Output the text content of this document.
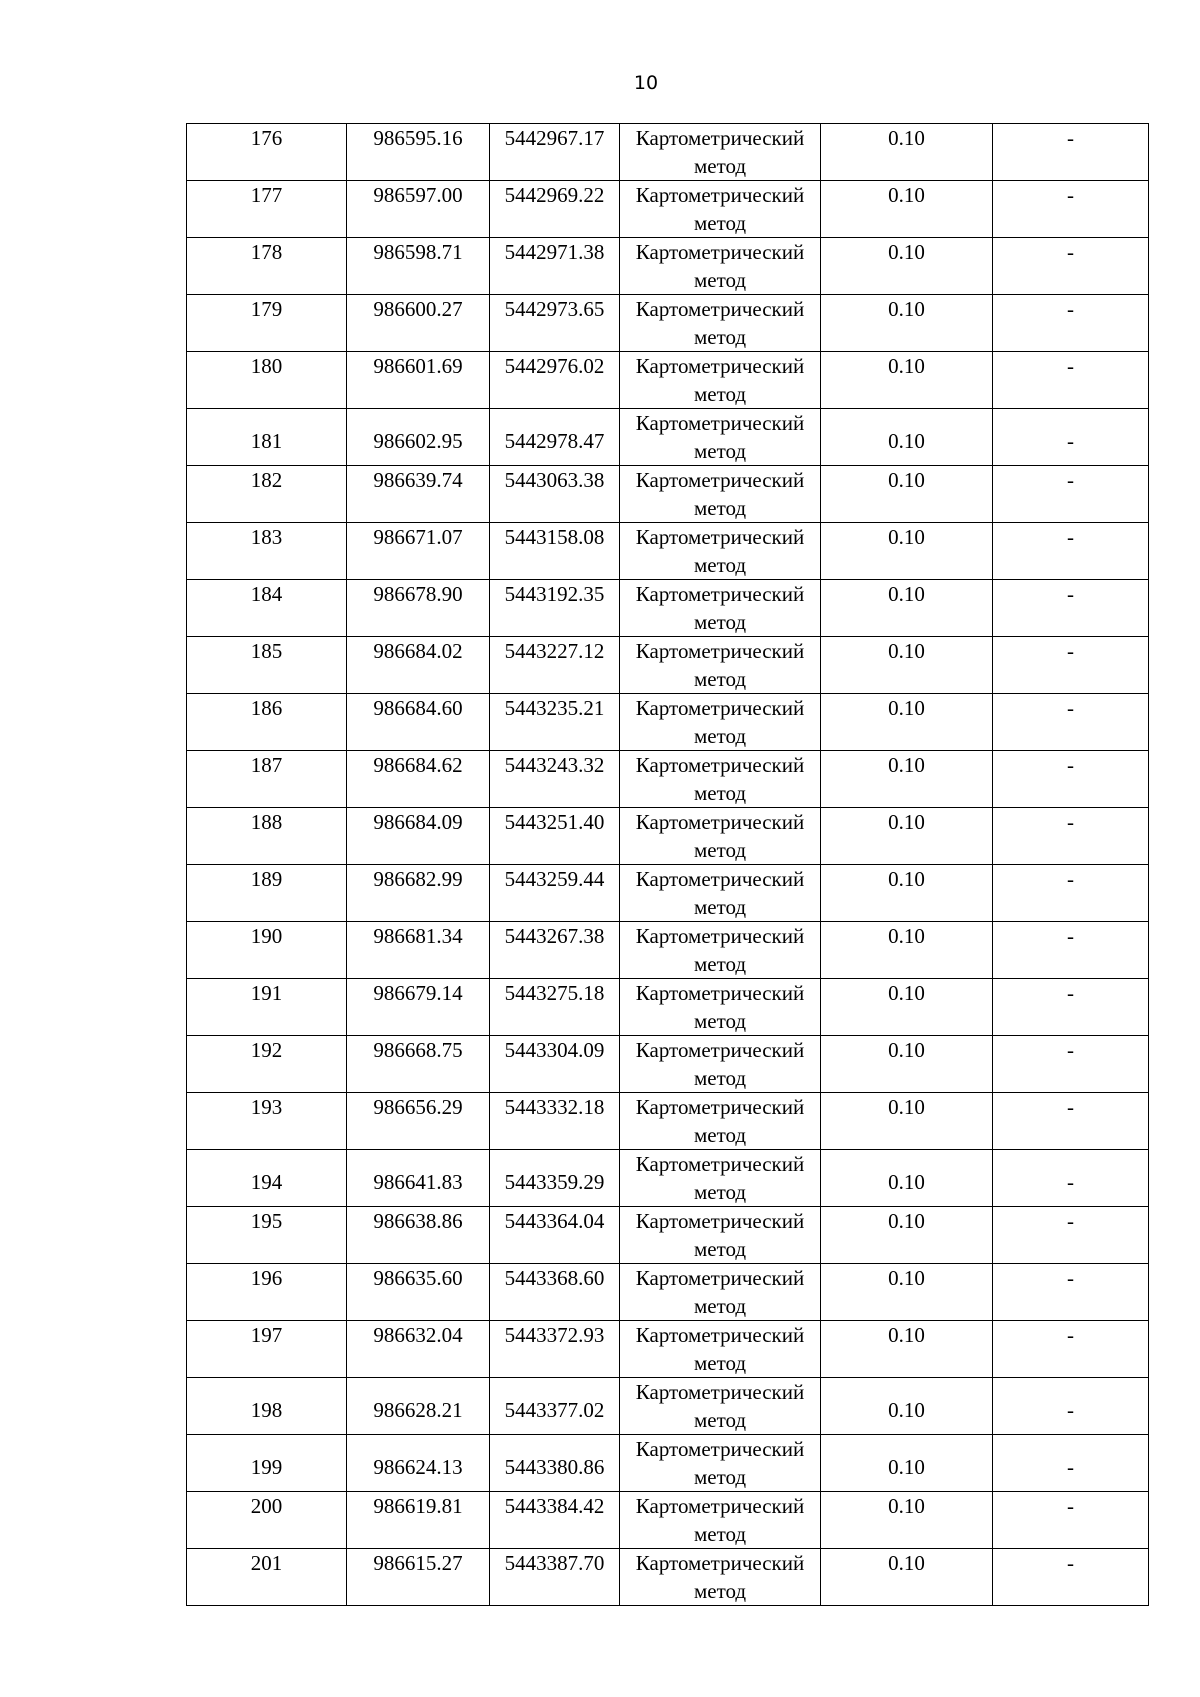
10
176	986595.16	5442967.17	Картометрический метод	0.10	-
177	986597.00	5442969.22	Картометрический метод	0.10	-
178	986598.71	5442971.38	Картометрический метод	0.10	-
179	986600.27	5442973.65	Картометрический метод	0.10	-
180	986601.69	5442976.02	Картометрический метод	0.10	-
181	986602.95	5442978.47	Картометрический метод	0.10	-
182	986639.74	5443063.38	Картометрический метод	0.10	-
183	986671.07	5443158.08	Картометрический метод	0.10	-
184	986678.90	5443192.35	Картометрический метод	0.10	-
185	986684.02	5443227.12	Картометрический метод	0.10	-
186	986684.60	5443235.21	Картометрический метод	0.10	-
187	986684.62	5443243.32	Картометрический метод	0.10	-
188	986684.09	5443251.40	Картометрический метод	0.10	-
189	986682.99	5443259.44	Картометрический метод	0.10	-
190	986681.34	5443267.38	Картометрический метод	0.10	-
191	986679.14	5443275.18	Картометрический метод	0.10	-
192	986668.75	5443304.09	Картометрический метод	0.10	-
193	986656.29	5443332.18	Картометрический метод	0.10	-
194	986641.83	5443359.29	Картометрический метод	0.10	-
195	986638.86	5443364.04	Картометрический метод	0.10	-
196	986635.60	5443368.60	Картометрический метод	0.10	-
197	986632.04	5443372.93	Картометрический метод	0.10	-
198	986628.21	5443377.02	Картометрический метод	0.10	-
199	986624.13	5443380.86	Картометрический метод	0.10	-
200	986619.81	5443384.42	Картометрический метод	0.10	-
201	986615.27	5443387.70	Картометрический метод	0.10	-
